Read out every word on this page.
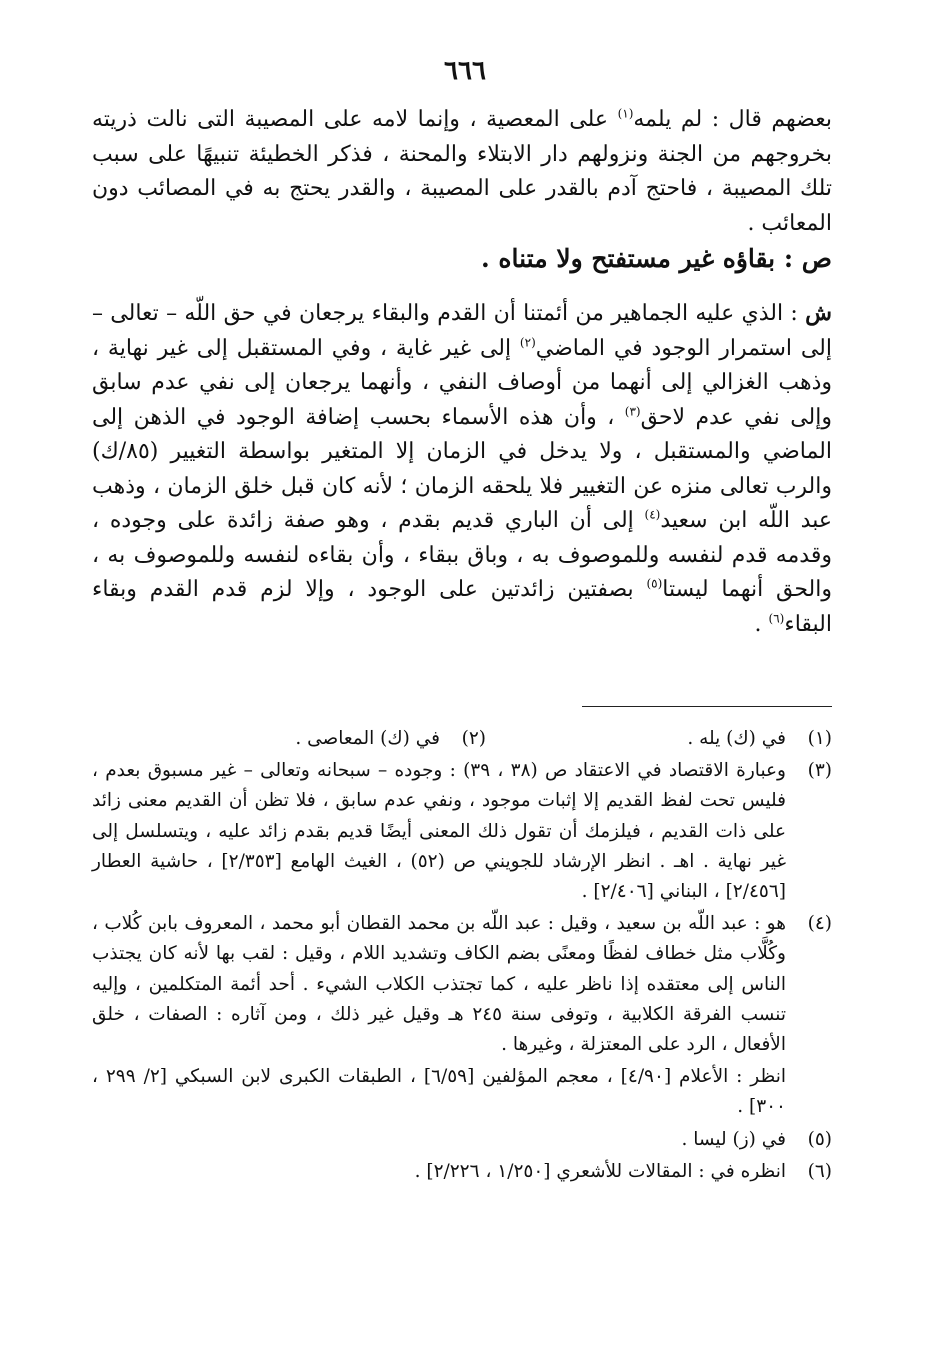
٦٦٦
بعضهم قال : لم يلمه$^{(١)}$ علی المعصية ، وإنما لامه على المصيبة التى نالت ذريته بخروجهم من الجنة ونزولهم دار الابتلاء والمحنة ، فذكر الخطيئة تنبيهًا على سبب تلك المصيبة ، فاحتج آدم بالقدر على المصيبة ، والقدر يحتج به في المصائب دون المعائب .
ص : بقاؤه غير مستفتح ولا متناه .
ش : الذي عليه الجماهير من أئمتنا أن القدم والبقاء يرجعان في حق اللّه – تعالى – إلى استمرار الوجود في الماضي$^{(٢)}$ إلى غير غاية ، وفي المستقبل إلى غير نهاية ، وذهب الغزالي إلى أنهما من أوصاف النفي ، وأنهما يرجعان إلى نفي عدم سابق وإلى نفي عدم لاحق$^{(٣)}$ ، وأن هذه الأسماء بحسب إضافة الوجود في الذهن إلى الماضي والمستقبل ، ولا يدخل في الزمان إلا المتغير بواسطة التغيير (٨٥/ك) والرب تعالى منزه عن التغيير فلا يلحقه الزمان ؛ لأنه كان قبل خلق الزمان ، وذهب عبد اللّه ابن سعيد$^{(٤)}$ إلى أن الباري قديم بقدم ، وهو صفة زائدة على وجوده ، وقدمه قدم لنفسه وللموصوف به ، وباق ببقاء ، وأن بقاءه لنفسه وللموصوف به ، والحق أنهما ليستا$^{(٥)}$ بصفتين زائدتين على الوجود ، وإلا لزم قدم القدم وبقاء البقاء$^{(٦)}$ .
(١)
في (ك) يله .
(٢)
في (ك) المعاصى .
(٣)
وعبارة الاقتصاد في الاعتقاد ص (٣٨ ، ٣٩) : وجوده – سبحانه وتعالى – غير مسبوق بعدم ، فليس تحت لفظ القديم إلا إثبات موجود ، ونفي عدم سابق ، فلا تظن أن القديم معنى زائد على ذات القديم ، فيلزمك أن تقول ذلك المعنى أيضًا قديم بقدم زائد عليه ، ويتسلسل إلى غير نهاية . اهـ . انظر الإرشاد للجويني ص (٥٢) ، الغيث الهامع [٢/٣٥٣] ، حاشية العطار [٢/٤٥٦] ، البناني [٢/٤٠٦] .
(٤)
هو : عبد اللّه بن سعيد ، وقيل : عبد اللّه بن محمد القطان أبو محمد ، المعروف بابن كُلاب ، وكُلَّاب مثل خطاف لفظًا ومعنًى بضم الكاف وتشديد اللام ، وقيل : لقب بها لأنه كان يجتذب الناس إلى معتقده إذا ناظر عليه ، كما تجتذب الكلاب الشيء . أحد أئمة المتكلمين ، وإليه تنسب الفرقة الكلابية ، وتوفى سنة ٢٤٥ هـ وقيل غير ذلك ، ومن آثاره : الصفات ، خلق الأفعال ، الرد على المعتزلة ، وغيرها .
انظر : الأعلام [٤/٩٠] ، معجم المؤلفين [٦/٥٩] ، الطبقات الكبرى لابن السبكي [٢/ ٢٩٩ ، ٣٠٠] .
(٥)
في (ز) ليسا .
(٦)
انظره في : المقالات للأشعري [١/٢٥٠ ، ٢/٢٢٦] .
